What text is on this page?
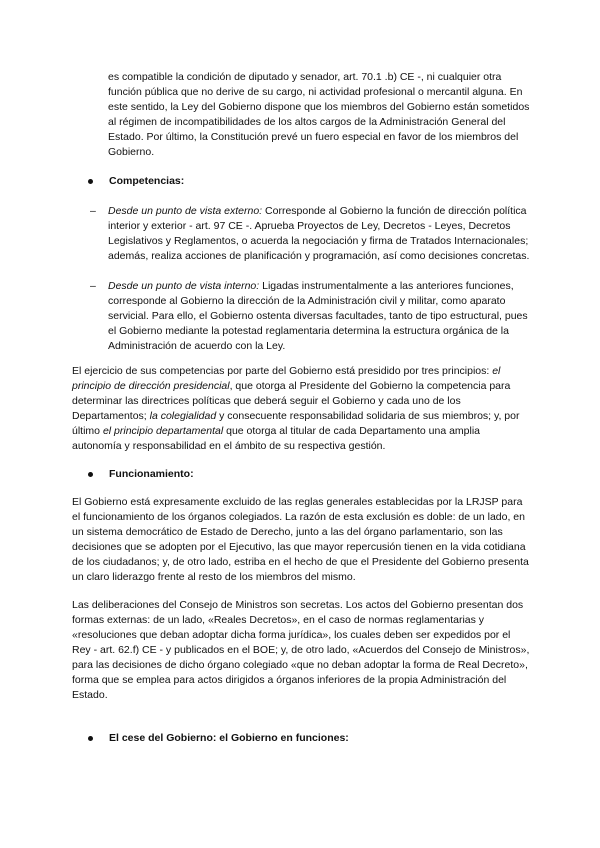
es compatible la condición de diputado y senador, art. 70.1 .b) CE -, ni cualquier otra función pública que no derive de su cargo, ni actividad profesional o mercantil alguna. En este sentido, la Ley del Gobierno dispone que los miembros del Gobierno están sometidos al régimen de incompatibilidades de los altos cargos de la Administración General del Estado. Por último, la Constitución prevé un fuero especial en favor de los miembros del Gobierno.

Competencias:
– Desde un punto de vista externo: Corresponde al Gobierno la función de dirección política interior y exterior - art. 97 CE -. Aprueba Proyectos de Ley, Decretos - Leyes, Decretos Legislativos y Reglamentos, o acuerda la negociación y firma de Tratados Internacionales; además, realiza acciones de planificación y programación, así como decisiones concretas.

– Desde un punto de vista interno: Ligadas instrumentalmente a las anteriores funciones, corresponde al Gobierno la dirección de la Administración civil y militar, como aparato servicial. Para ello, el Gobierno ostenta diversas facultades, tanto de tipo estructural, pues el Gobierno mediante la potestad reglamentaria determina la estructura orgánica de la Administración de acuerdo con la Ley.

El ejercicio de sus competencias por parte del Gobierno está presidido por tres principios: el principio de dirección presidencial, que otorga al Presidente del Gobierno la competencia para determinar las directrices políticas que deberá seguir el Gobierno y cada uno de los Departamentos; la colegialidad y consecuente responsabilidad solidaria de sus miembros; y, por último el principio departamental que otorga al titular de cada Departamento una amplia autonomía y responsabilidad en el ámbito de su respectiva gestión.

Funcionamiento:

El Gobierno está expresamente excluido de las reglas generales establecidas por la LRJSP para el funcionamiento de los órganos colegiados. La razón de esta exclusión es doble: de un lado, en un sistema democrático de Estado de Derecho, junto a las del órgano parlamentario, son las decisiones que se adopten por el Ejecutivo, las que mayor repercusión tienen en la vida cotidiana de los ciudadanos; y, de otro lado, estriba en el hecho de que el Presidente del Gobierno presenta un claro liderazgo frente al resto de los miembros del mismo.

Las deliberaciones del Consejo de Ministros son secretas. Los actos del Gobierno presentan dos formas externas: de un lado, «Reales Decretos», en el caso de normas reglamentarias y «resoluciones que deban adoptar dicha forma jurídica», los cuales deben ser expedidos por el Rey - art. 62.f) CE - y publicados en el BOE; y, de otro lado, «Acuerdos del Consejo de Ministros», para las decisiones de dicho órgano colegiado «que no deban adoptar la forma de Real Decreto», forma que se emplea para actos dirigidos a órganos inferiores de la propia Administración del Estado.

El cese del Gobierno: el Gobierno en funciones:
